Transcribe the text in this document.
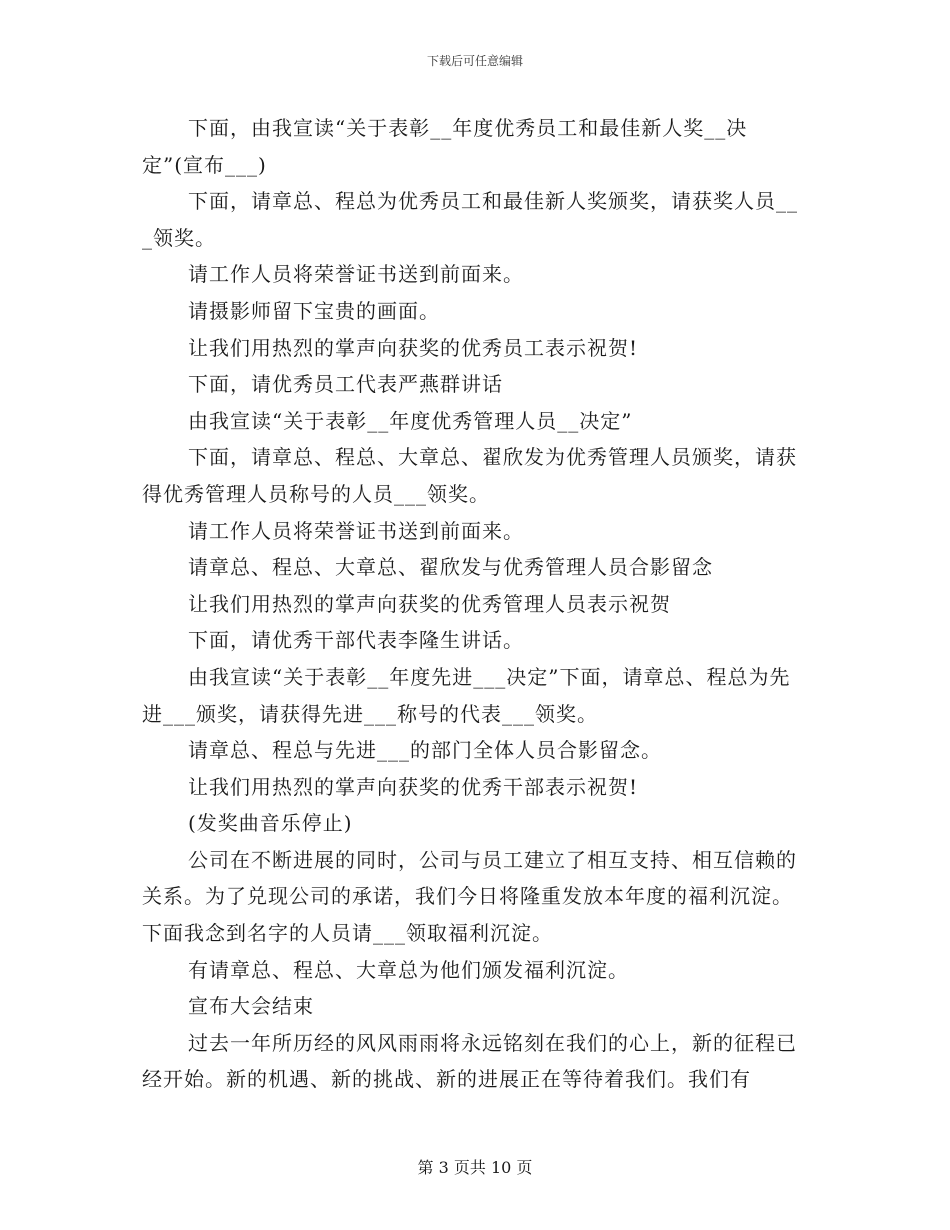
下载后可任意编辑

下面，由我宣读“关于表彰__年度优秀员工和最佳新人奖__决定”(宣布___)

下面，请章总、程总为优秀员工和最佳新人奖颁奖，请获奖人员___领奖。

请工作人员将荣誉证书送到前面来。

请摄影师留下宝贵的画面。

让我们用热烈的掌声向获奖的优秀员工表示祝贺!

下面，请优秀员工代表严燕群讲话

由我宣读“关于表彰__年度优秀管理人员__决定”

下面，请章总、程总、大章总、翟欣发为优秀管理人员颁奖，请获得优秀管理人员称号的人员___领奖。

请工作人员将荣誉证书送到前面来。

请章总、程总、大章总、翟欣发与优秀管理人员合影留念

让我们用热烈的掌声向获奖的优秀管理人员表示祝贺

下面，请优秀干部代表李隆生讲话。

由我宣读“关于表彰__年度先进___决定”下面，请章总、程总为先进___颁奖，请获得先进___称号的代表___领奖。

请章总、程总与先进___的部门全体人员合影留念。

让我们用热烈的掌声向获奖的优秀干部表示祝贺!

(发奖曲音乐停止)

公司在不断进展的同时，公司与员工建立了相互支持、相互信赖的关系。为了兑现公司的承诺，我们今日将隆重发放本年度的福利沉淀。下面我念到名字的人员请___领取福利沉淀。

有请章总、程总、大章总为他们颁发福利沉淀。

宣布大会结束

过去一年所历经的风风雨雨将永远铭刻在我们的心上，新的征程已经开始。新的机遇、新的挑战、新的进展正在等待着我们。我们有

第 3 页共 10 页
